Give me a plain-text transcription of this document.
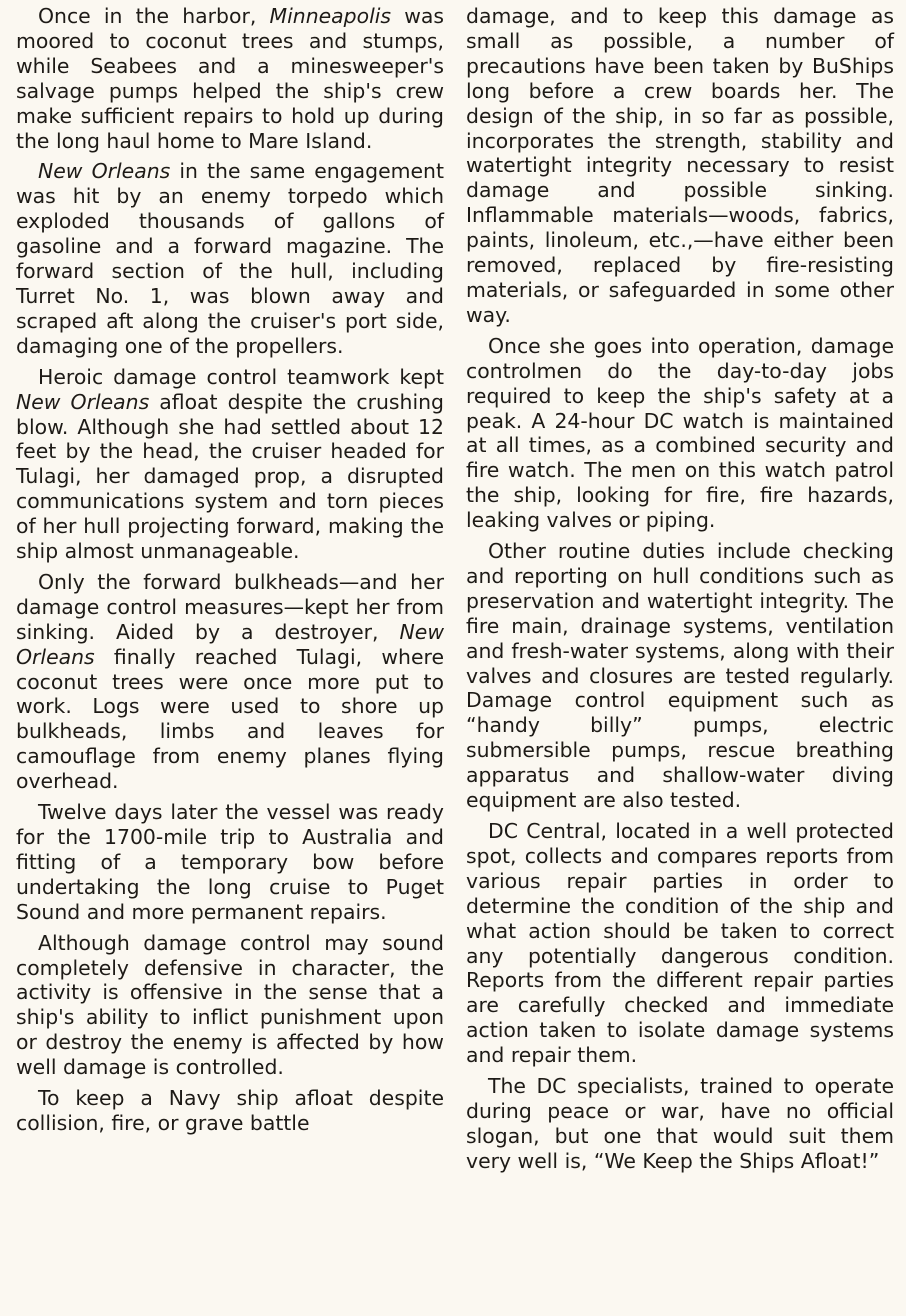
Once in the harbor, Minneapolis was moored to coconut trees and stumps, while Seabees and a minesweeper's salvage pumps helped the ship's crew make sufficient repairs to hold up during the long haul home to Mare Island.

New Orleans in the same engagement was hit by an enemy torpedo which exploded thousands of gallons of gasoline and a forward magazine. The forward section of the hull, including Turret No. 1, was blown away and scraped aft along the cruiser's port side, damaging one of the propellers.

Heroic damage control teamwork kept New Orleans afloat despite the crushing blow. Although she had settled about 12 feet by the head, the cruiser headed for Tulagi, her damaged prop, a disrupted communications system and torn pieces of her hull projecting forward, making the ship almost unmanageable.

Only the forward bulkheads—and her damage control measures—kept her from sinking. Aided by a destroyer, New Orleans finally reached Tulagi, where coconut trees were once more put to work. Logs were used to shore up bulkheads, limbs and leaves for camouflage from enemy planes flying overhead.

Twelve days later the vessel was ready for the 1700-mile trip to Australia and fitting of a temporary bow before undertaking the long cruise to Puget Sound and more permanent repairs.

Although damage control may sound completely defensive in character, the activity is offensive in the sense that a ship's ability to inflict punishment upon or destroy the enemy is affected by how well damage is controlled.

To keep a Navy ship afloat despite collision, fire, or grave battle

damage, and to keep this damage as small as possible, a number of precautions have been taken by BuShips long before a crew boards her. The design of the ship, in so far as possible, incorporates the strength, stability and watertight integrity necessary to resist damage and possible sinking. Inflammable materials—woods, fabrics, paints, linoleum, etc.,—have either been removed, replaced by fire-resisting materials, or safeguarded in some other way.

Once she goes into operation, damage controlmen do the day-to-day jobs required to keep the ship's safety at a peak. A 24-hour DC watch is maintained at all times, as a combined security and fire watch. The men on this watch patrol the ship, looking for fire, fire hazards, leaking valves or piping.

Other routine duties include checking and reporting on hull conditions such as preservation and watertight integrity. The fire main, drainage systems, ventilation and fresh-water systems, along with their valves and closures are tested regularly. Damage control equipment such as “handy billy” pumps, electric submersible pumps, rescue breathing apparatus and shallow-water diving equipment are also tested.

DC Central, located in a well protected spot, collects and compares reports from various repair parties in order to determine the condition of the ship and what action should be taken to correct any potentially dangerous condition. Reports from the different repair parties are carefully checked and immediate action taken to isolate damage systems and repair them.

The DC specialists, trained to operate during peace or war, have no official slogan, but one that would suit them very well is, “We Keep the Ships Afloat!”
